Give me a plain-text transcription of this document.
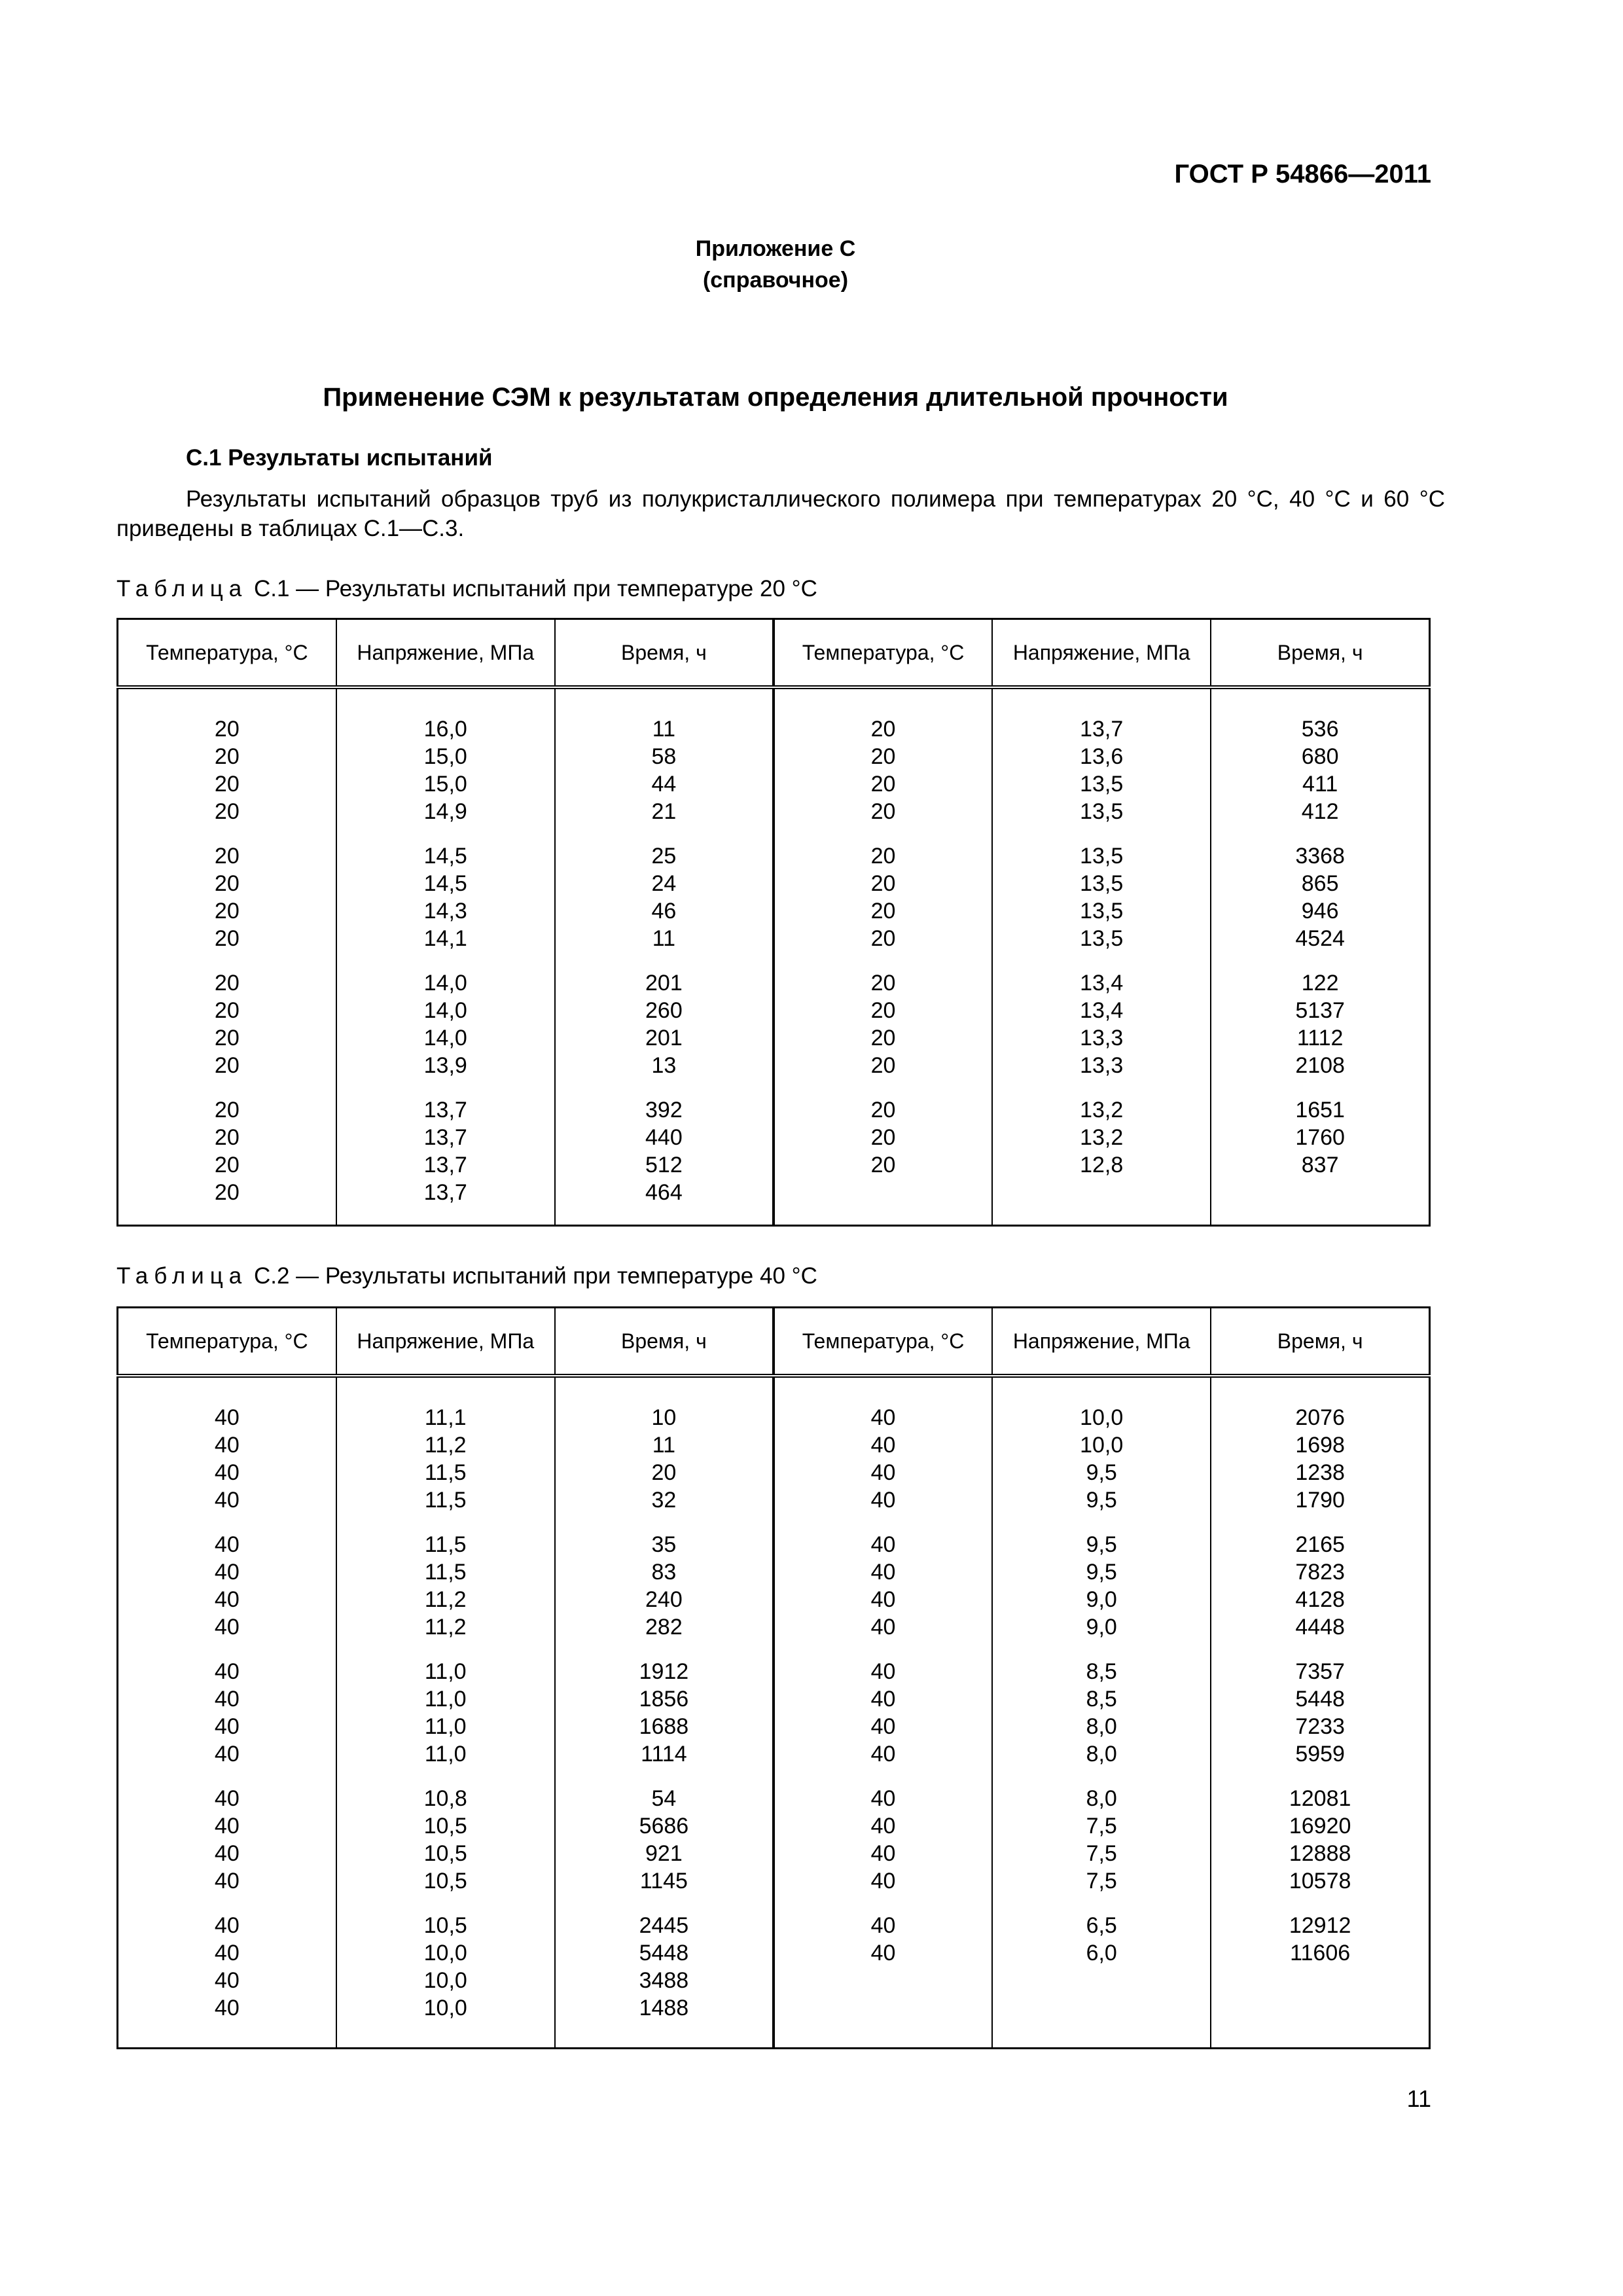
ГОСТ Р 54866—2011
Приложение С
(справочное)
Применение СЭМ к результатам определения длительной прочности
С.1 Результаты испытаний

Результаты испытаний образцов труб из полукристаллического полимера при температурах 20 °С, 40 °С и 60 °С приведены в таблицах С.1—С.3.

Таблица С.1 — Результаты испытаний при температуре 20 °С
Температура, °С	Напряжение, МПа	Время, ч	Температура, °С	Напряжение, МПа	Время, ч

20	16,0	11	20	13,7	536
20	15,0	58	20	13,6	680
20	15,0	44	20	13,5	411
20	14,9	21	20	13,5	412

20	14,5	25	20	13,5	3368
20	14,5	24	20	13,5	865
20	14,3	46	20	13,5	946
20	14,1	11	20	13,5	4524

20	14,0	201	20	13,4	122
20	14,0	260	20	13,4	5137
20	14,0	201	20	13,3	1112
20	13,9	13	20	13,3	2108

20	13,7	392	20	13,2	1651
20	13,7	440	20	13,2	1760
20	13,7	512	20	12,8	837
20	13,7	464			

Таблица С.2 — Результаты испытаний при температуре 40 °С
Температура, °С	Напряжение, МПа	Время, ч	Температура, °С	Напряжение, МПа	Время, ч

40	11,1	10	40	10,0	2076
40	11,2	11	40	10,0	1698
40	11,5	20	40	9,5	1238
40	11,5	32	40	9,5	1790

40	11,5	35	40	9,5	2165
40	11,5	83	40	9,5	7823
40	11,2	240	40	9,0	4128
40	11,2	282	40	9,0	4448

40	11,0	1912	40	8,5	7357
40	11,0	1856	40	8,5	5448
40	11,0	1688	40	8,0	7233
40	11,0	1114	40	8,0	5959

40	10,8	54	40	8,0	12081
40	10,5	5686	40	7,5	16920
40	10,5	921	40	7,5	12888
40	10,5	1145	40	7,5	10578

40	10,5	2445	40	6,5	12912
40	10,0	5448	40	6,0	11606
40	10,0	3488			
40	10,0	1488			

11
